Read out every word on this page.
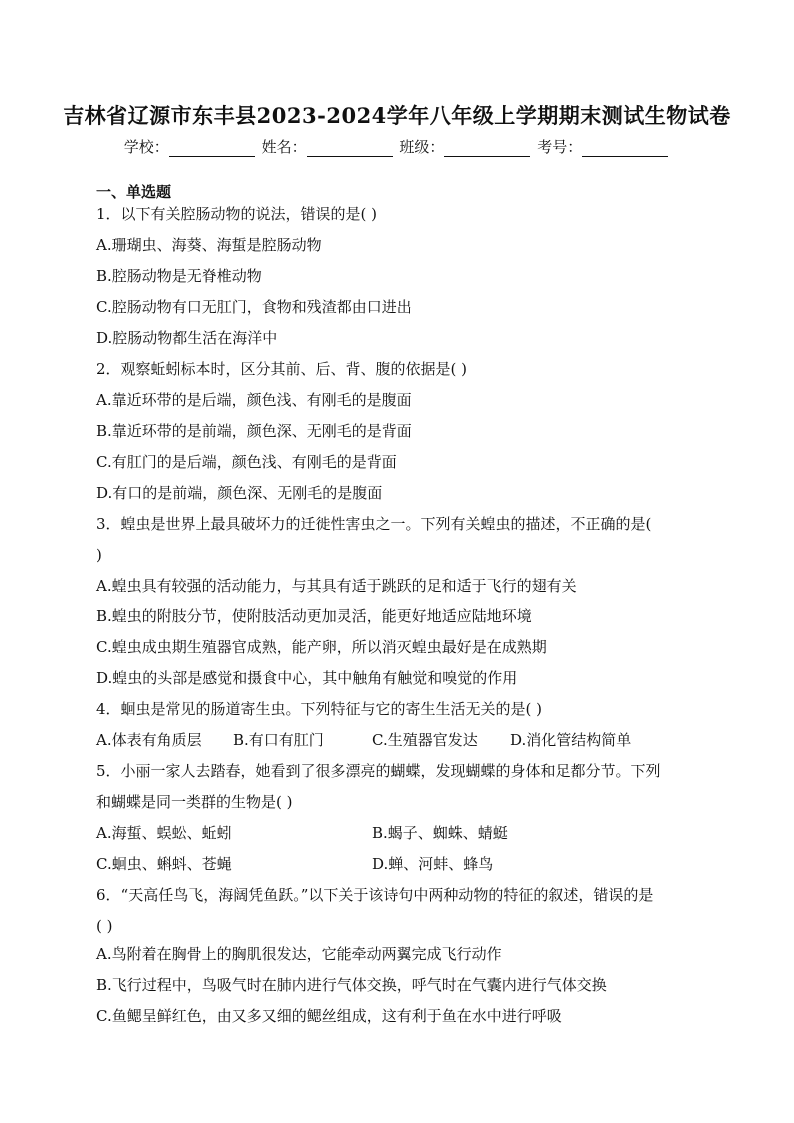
吉林省辽源市东丰县2023-2024学年八年级上学期期末测试生物试卷
学校：	姓名：	班级：	考号：
一、单选题
1．以下有关腔肠动物的说法，错误的是( )
A.珊瑚虫、海葵、海蜇是腔肠动物
B.腔肠动物是无脊椎动物
C.腔肠动物有口无肛门，食物和残渣都由口进出
D.腔肠动物都生活在海洋中
2．观察蚯蚓标本时，区分其前、后、背、腹的依据是( )
A.靠近环带的是后端，颜色浅、有刚毛的是腹面
B.靠近环带的是前端，颜色深、无刚毛的是背面
C.有肛门的是后端，颜色浅、有刚毛的是背面
D.有口的是前端，颜色深、无刚毛的是腹面
3．蝗虫是世界上最具破坏力的迁徙性害虫之一。下列有关蝗虫的描述，不正确的是(
)
A.蝗虫具有较强的活动能力，与其具有适于跳跃的足和适于飞行的翅有关
B.蝗虫的附肢分节，使附肢活动更加灵活，能更好地适应陆地环境
C.蝗虫成虫期生殖器官成熟，能产卵，所以消灭蝗虫最好是在成熟期
D.蝗虫的头部是感觉和摄食中心，其中触角有触觉和嗅觉的作用
4．蛔虫是常见的肠道寄生虫。下列特征与它的寄生生活无关的是( )
A.体表有角质层 B.有口有肛门	C.生殖器官发达 D.消化管结构简单
5．小丽一家人去踏春，她看到了很多漂亮的蝴蝶，发现蝴蝶的身体和足都分节。下列
和蝴蝶是同一类群的生物是( )
A.海蜇、蜈蚣、蚯蚓	B.蝎子、蜘蛛、蜻蜓
C.蛔虫、蝌蚪、苍蝇	D.蝉、河蚌、蜂鸟
6．“天高任鸟飞，海阔凭鱼跃。”以下关于该诗句中两种动物的特征的叙述，错误的是
( )
A.鸟附着在胸骨上的胸肌很发达，它能牵动两翼完成飞行动作
B.飞行过程中，鸟吸气时在肺内进行气体交换，呼气时在气囊内进行气体交换
C.鱼鳃呈鲜红色，由又多又细的鳃丝组成，这有利于鱼在水中进行呼吸
